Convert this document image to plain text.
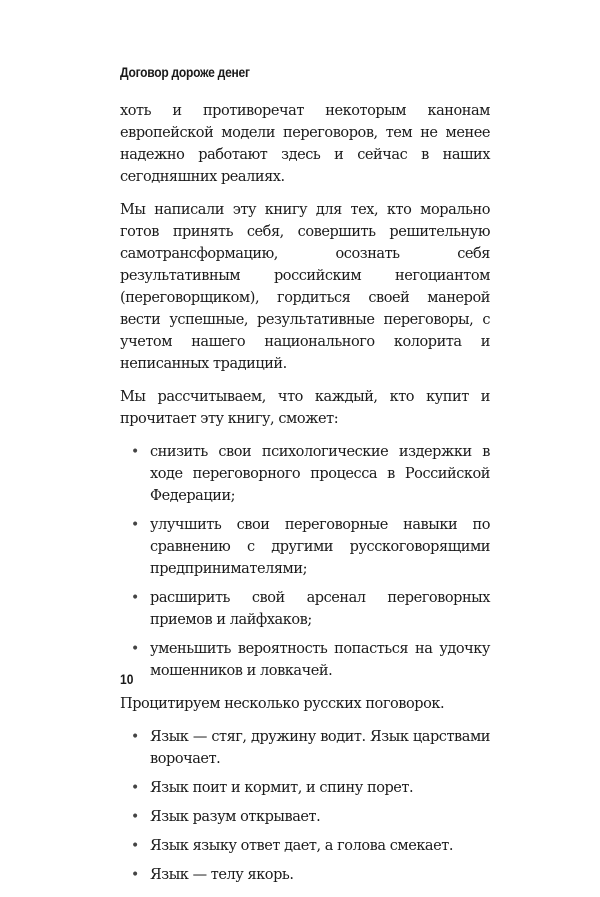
Договор дороже денег

хоть и противоречат некоторым канонам европейской модели переговоров, тем не менее надежно работают здесь и сейчас в наших сегодняшних реалиях.

Мы написали эту книгу для тех, кто морально готов принять себя, совершить решительную самотрансформацию, осознать себя результативным российским негоциантом (переговорщиком), гордиться своей манерой вести успешные, результативные переговоры, с учетом нашего национального колорита и неписанных традиций.

Мы рассчитываем, что каждый, кто купит и прочитает эту книгу, сможет:

• снизить свои психологические издержки в ходе переговорного процесса в Российской Федерации;
• улучшить свои переговорные навыки по сравнению с другими русскоговорящими предпринимателями;
• расширить свой арсенал переговорных приемов и лайфхаков;
• уменьшить вероятность попасться на удочку мошенников и ловкачей.

Процитируем несколько русских поговорок.

• Язык — стяг, дружину водит. Язык царствами ворочает.
• Язык поит и кормит, и спину порет.
• Язык разум открывает.
• Язык языку ответ дает, а голова смекает.
• Язык — телу якорь.
10
